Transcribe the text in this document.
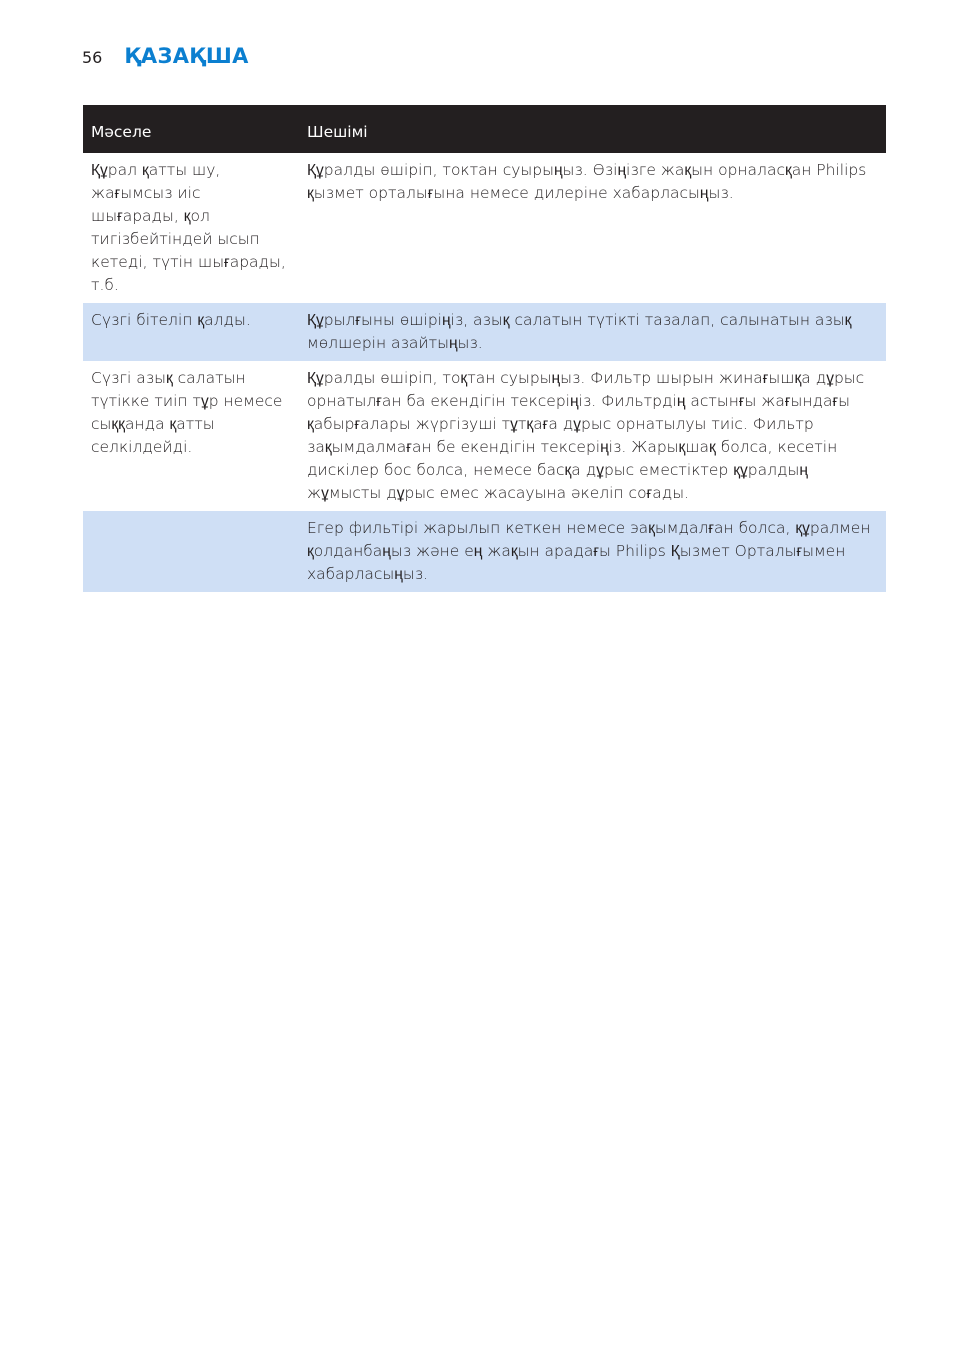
56 ҚАЗАҚША
Мәселе	Шешімі
Құрал қатты шу, жағымсыз иіс шығарады, қол тигізбейтіндей ысып кетеді, түтін шығарады, т.б.	Құралды өшіріп, токтан суырыңыз. Өзіңізге жақын орналасқан Philips қызмет орталығына немесе дилеріне хабарласыңыз.
Сүзгі бітеліп қалды.	Құрылғыны өшіріңіз, азық салатын түтікті тазалап, салынатын азық мөлшерін азайтыңыз.
Сүзгі азық салатын түтікке тиіп тұр немесе сыққанда қатты селкілдейді.	Құралды өшіріп, тоқтан суырыңыз. Фильтр шырын жинағышқа дұрыс орнатылған ба екендігін тексеріңіз. Фильтрдің астынғы жағындағы қабырғалары жүргізуші тұтқаға дұрыс орнатылуы тиіс. Фильтр зақымдалмаған бе екендігін тексеріңіз. Жарықшақ болса, кесетін дискілер бос болса, немесе басқа дұрыс еместіктер құралдың жұмысты дұрыс емес жасауына әкеліп соғады.
	Егер фильтірі жарылып кеткен немесе эақымдалған болса, құралмен қолданбаңыз және ең жақын арадағы Philips Қызмет Орталығымен хабарласыңыз.
